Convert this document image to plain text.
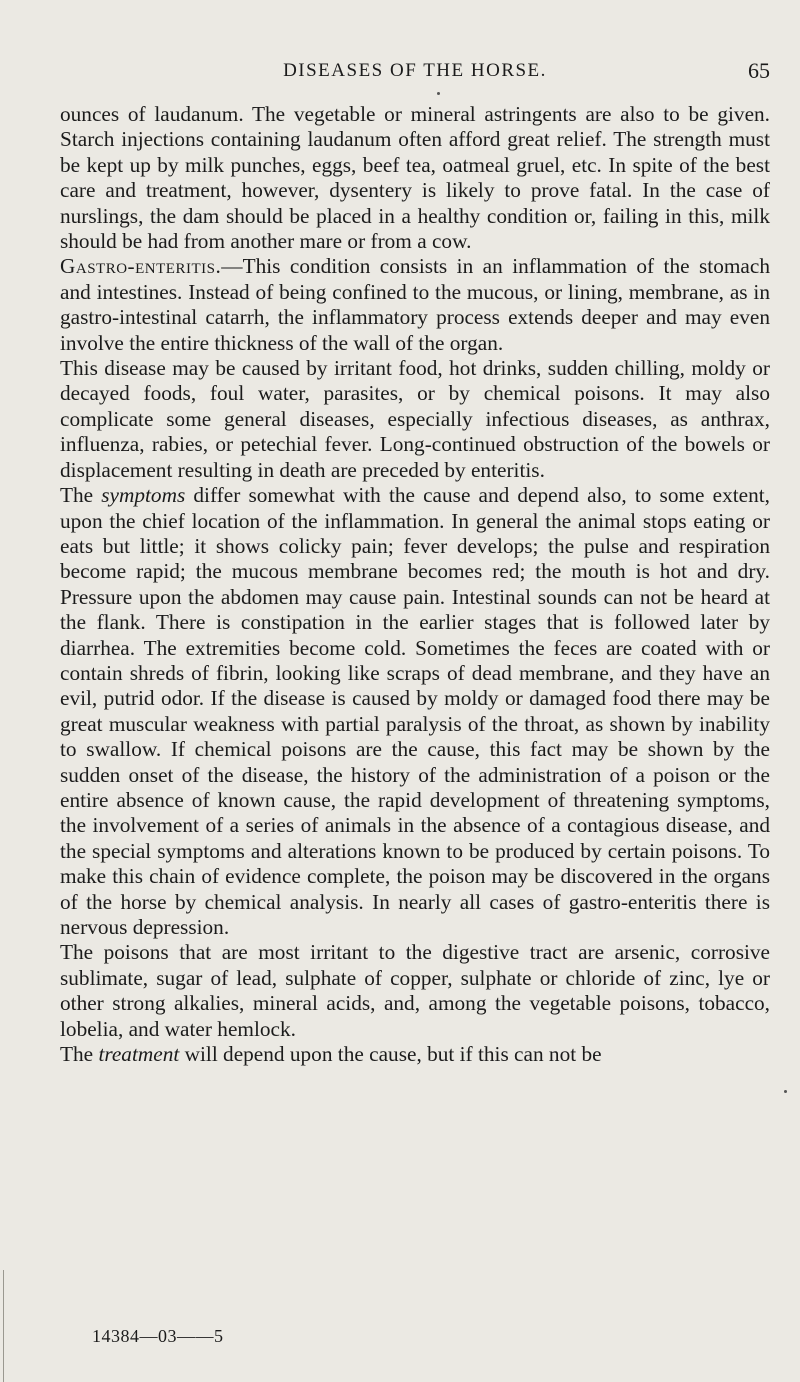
DISEASES OF THE HORSE.	65

ounces of laudanum. The vegetable or mineral astringents are also to be given. Starch injections containing laudanum often afford great relief. The strength must be kept up by milk punches, eggs, beef tea, oatmeal gruel, etc. In spite of the best care and treatment, however, dysentery is likely to prove fatal. In the case of nurslings, the dam should be placed in a healthy condition or, failing in this, milk should be had from another mare or from a cow.

Gastro-enteritis.—This condition consists in an inflammation of the stomach and intestines. Instead of being confined to the mucous, or lining, membrane, as in gastro-intestinal catarrh, the inflammatory process extends deeper and may even involve the entire thickness of the wall of the organ.

This disease may be caused by irritant food, hot drinks, sudden chilling, moldy or decayed foods, foul water, parasites, or by chemical poisons. It may also complicate some general diseases, especially infectious diseases, as anthrax, influenza, rabies, or petechial fever. Long-continued obstruction of the bowels or displacement resulting in death are preceded by enteritis.

The symptoms differ somewhat with the cause and depend also, to some extent, upon the chief location of the inflammation. In general the animal stops eating or eats but little; it shows colicky pain; fever develops; the pulse and respiration become rapid; the mucous membrane becomes red; the mouth is hot and dry. Pressure upon the abdomen may cause pain. Intestinal sounds can not be heard at the flank. There is constipation in the earlier stages that is followed later by diarrhea. The extremities become cold. Sometimes the feces are coated with or contain shreds of fibrin, looking like scraps of dead membrane, and they have an evil, putrid odor. If the disease is caused by moldy or damaged food there may be great muscular weakness with partial paralysis of the throat, as shown by inability to swallow. If chemical poisons are the cause, this fact may be shown by the sudden onset of the disease, the history of the administration of a poison or the entire absence of known cause, the rapid development of threatening symptoms, the involvement of a series of animals in the absence of a contagious disease, and the special symptoms and alterations known to be produced by certain poisons. To make this chain of evidence complete, the poison may be discovered in the organs of the horse by chemical analysis. In nearly all cases of gastro-enteritis there is nervous depression.

The poisons that are most irritant to the digestive tract are arsenic, corrosive sublimate, sugar of lead, sulphate of copper, sulphate or chloride of zinc, lye or other strong alkalies, mineral acids, and, among the vegetable poisons, tobacco, lobelia, and water hemlock.

The treatment will depend upon the cause, but if this can not be

14384—03——5
